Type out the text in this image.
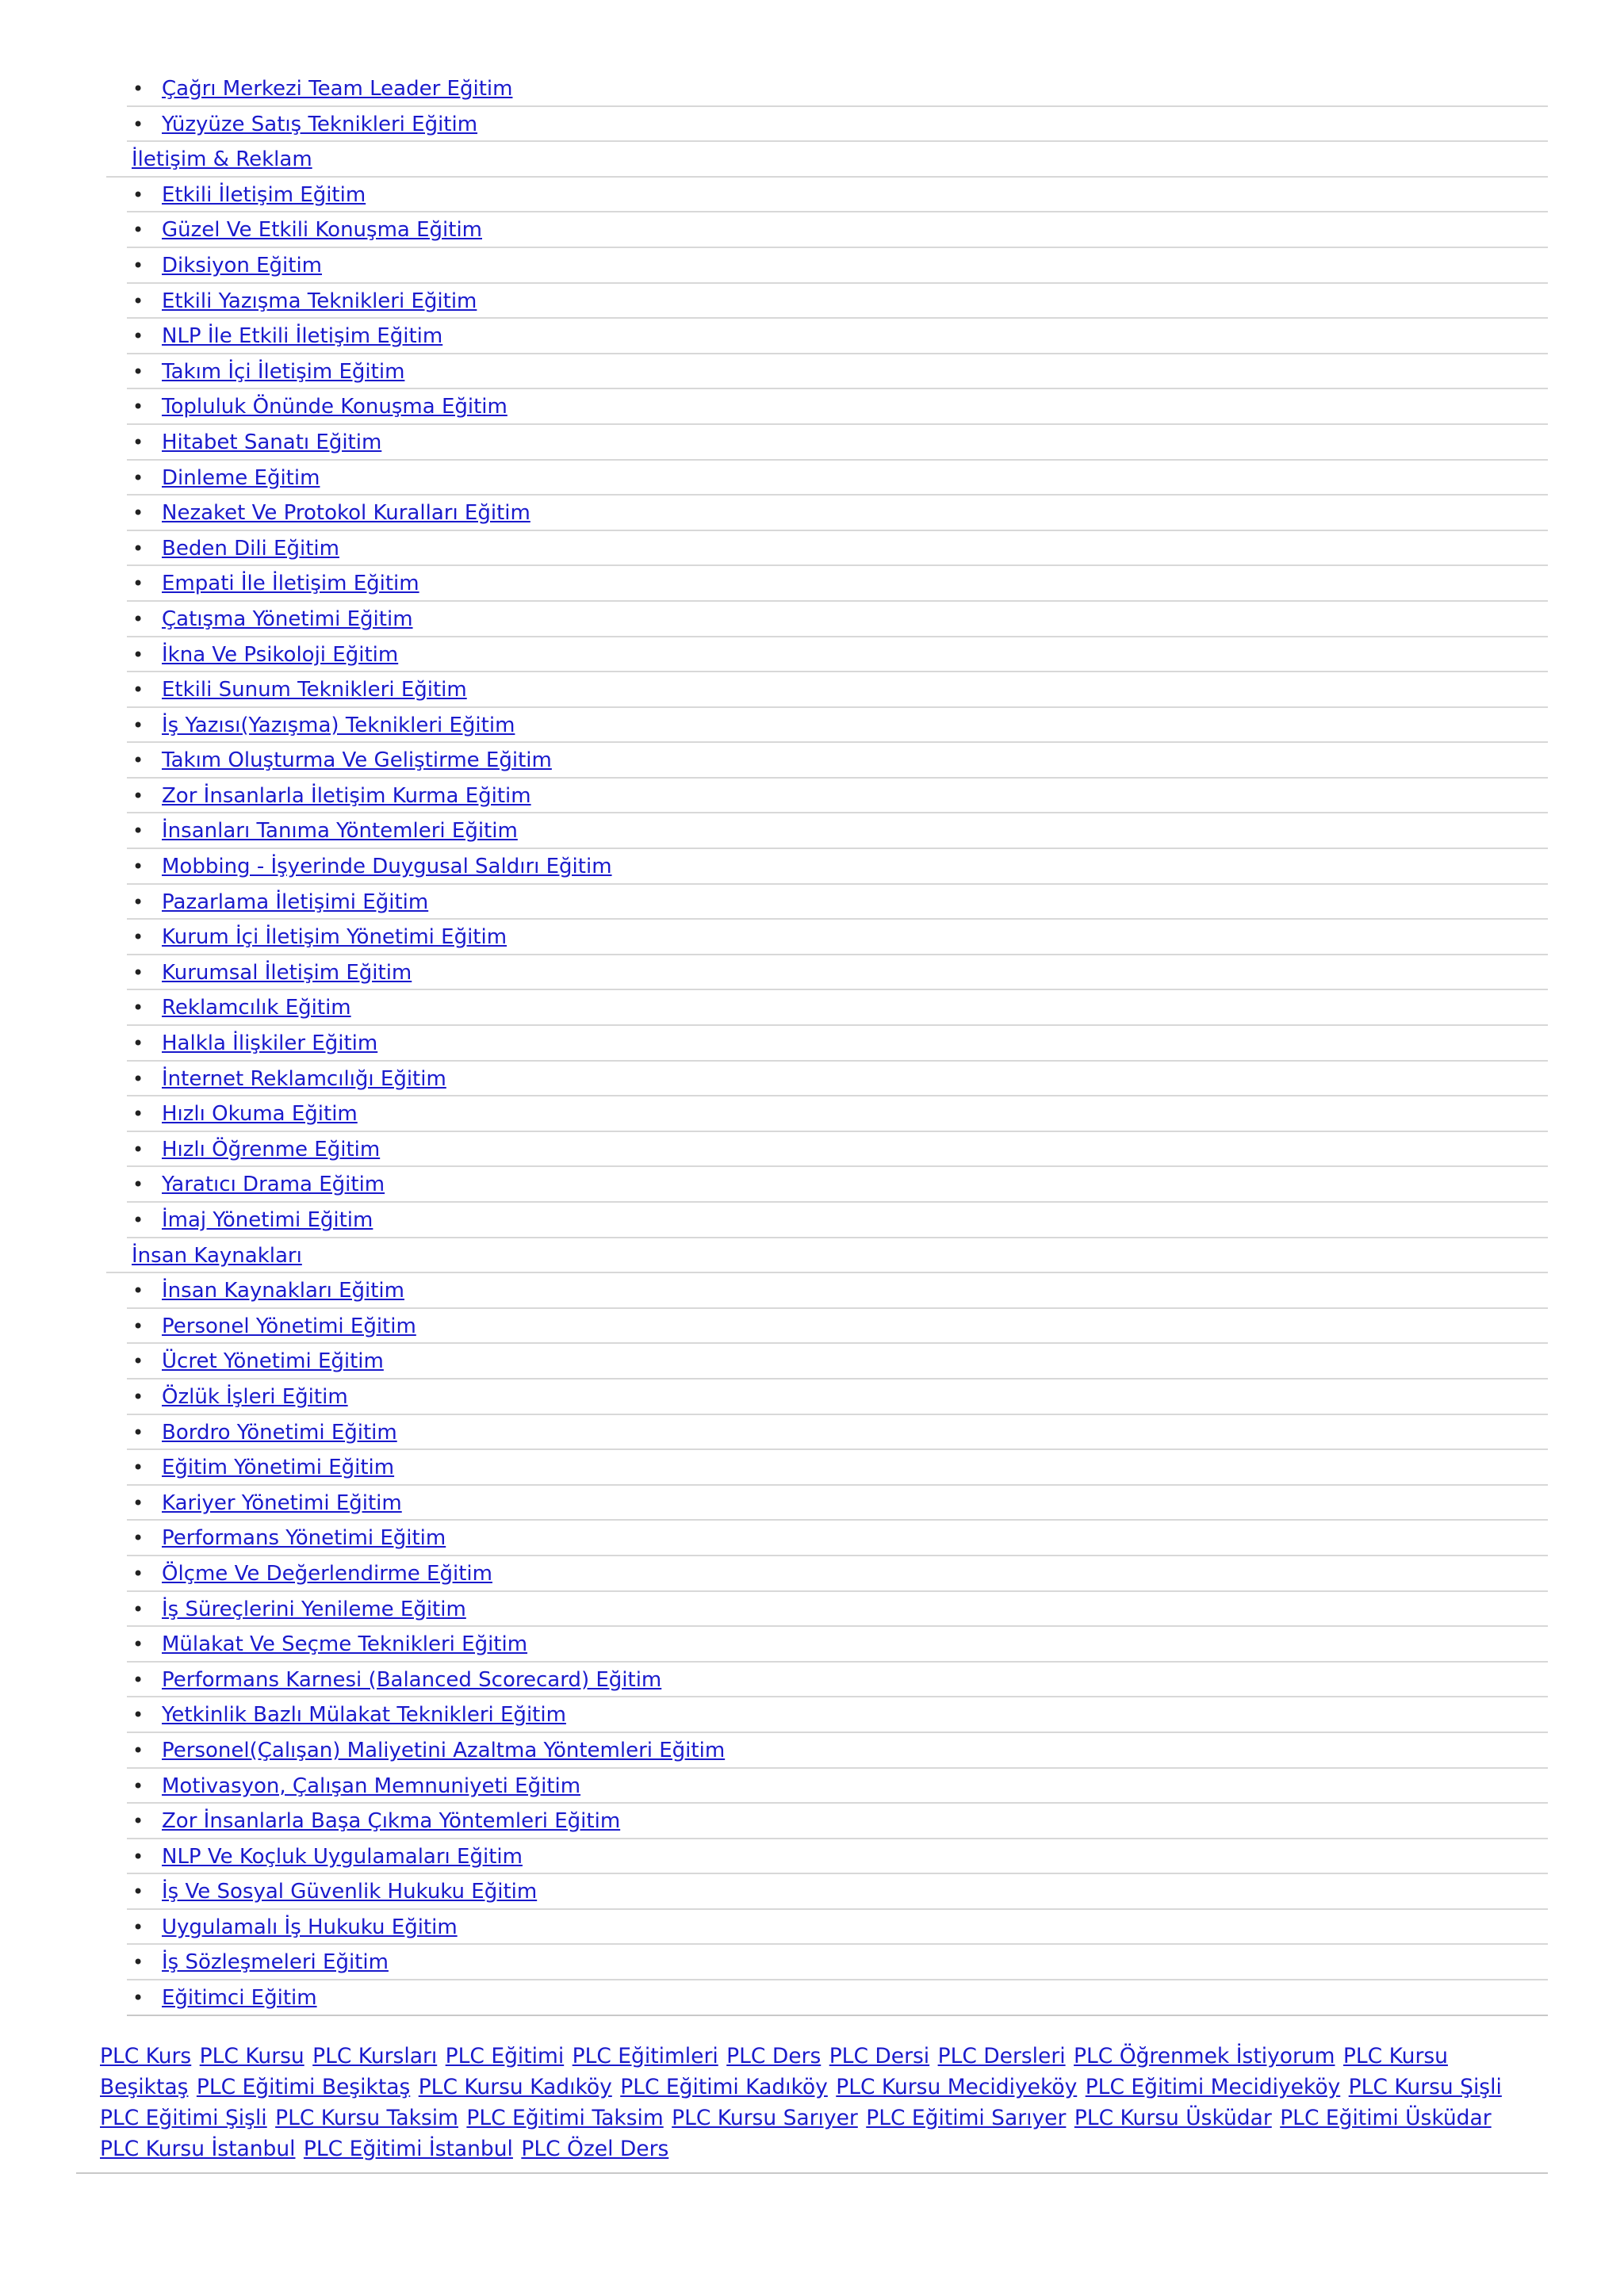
• Çağrı Merkezi Team Leader Eğitim
• Yüzyüze Satış Teknikleri Eğitim
İletişim & Reklam
• Etkili İletişim Eğitim
• Güzel Ve Etkili Konuşma Eğitim
• Diksiyon Eğitim
• Etkili Yazışma Teknikleri Eğitim
• NLP İle Etkili İletişim Eğitim
• Takım İçi İletişim Eğitim
• Topluluk Önünde Konuşma Eğitim
• Hitabet Sanatı Eğitim
• Dinleme Eğitim
• Nezaket Ve Protokol Kuralları Eğitim
• Beden Dili Eğitim
• Empati İle İletişim Eğitim
• Çatışma Yönetimi Eğitim
• İkna Ve Psikoloji Eğitim
• Etkili Sunum Teknikleri Eğitim
• İş Yazısı(Yazışma) Teknikleri Eğitim
• Takım Oluşturma Ve Geliştirme Eğitim
• Zor İnsanlarla İletişim Kurma Eğitim
• İnsanları Tanıma Yöntemleri Eğitim
• Mobbing - İşyerinde Duygusal Saldırı Eğitim
• Pazarlama İletişimi Eğitim
• Kurum İçi İletişim Yönetimi Eğitim
• Kurumsal İletişim Eğitim
• Reklamcılık Eğitim
• Halkla İlişkiler Eğitim
• İnternet Reklamcılığı Eğitim
• Hızlı Okuma Eğitim
• Hızlı Öğrenme Eğitim
• Yaratıcı Drama Eğitim
• İmaj Yönetimi Eğitim
İnsan Kaynakları
• İnsan Kaynakları Eğitim
• Personel Yönetimi Eğitim
• Ücret Yönetimi Eğitim
• Özlük İşleri Eğitim
• Bordro Yönetimi Eğitim
• Eğitim Yönetimi Eğitim
• Kariyer Yönetimi Eğitim
• Performans Yönetimi Eğitim
• Ölçme Ve Değerlendirme Eğitim
• İş Süreçlerini Yenileme Eğitim
• Mülakat Ve Seçme Teknikleri Eğitim
• Performans Karnesi (Balanced Scorecard) Eğitim
• Yetkinlik Bazlı Mülakat Teknikleri Eğitim
• Personel(Çalışan) Maliyetini Azaltma Yöntemleri Eğitim
• Motivasyon, Çalışan Memnuniyeti Eğitim
• Zor İnsanlarla Başa Çıkma Yöntemleri Eğitim
• NLP Ve Koçluk Uygulamaları Eğitim
• İş Ve Sosyal Güvenlik Hukuku Eğitim
• Uygulamalı İş Hukuku Eğitim
• İş Sözleşmeleri Eğitim
• Eğitimci Eğitim
PLC Kurs PLC Kursu PLC Kursları PLC Eğitimi PLC Eğitimleri PLC Ders PLC Dersi PLC Dersleri PLC Öğrenmek İstiyorum PLC Kursu Beşiktaş PLC Eğitimi Beşiktaş PLC Kursu Kadıköy PLC Eğitimi Kadıköy PLC Kursu Mecidiyeköy PLC Eğitimi Mecidiyeköy PLC Kursu Şişli PLC Eğitimi Şişli PLC Kursu Taksim PLC Eğitimi Taksim PLC Kursu Sarıyer PLC Eğitimi Sarıyer PLC Kursu Üsküdar PLC Eğitimi Üsküdar PLC Kursu İstanbul PLC Eğitimi İstanbul PLC Özel Ders
